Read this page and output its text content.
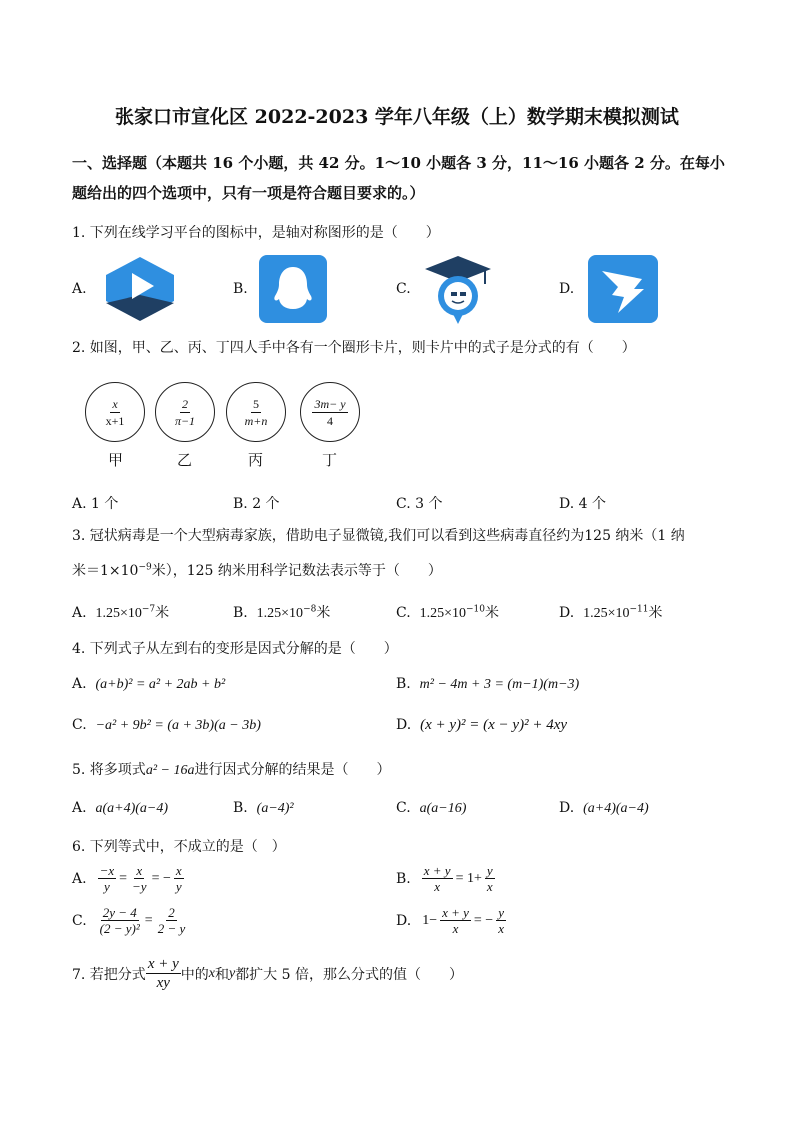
张家口市宣化区 2022-2023 学年八年级（上）数学期末模拟测试
一、选择题（本题共 16 个小题，共 42 分。1～10 小题各 3 分，11～16 小题各 2 分。在每小题给出的四个选项中，只有一项是符合题目要求的。）
1. 下列在线学习平台的图标中，是轴对称图形的是（　　）
A.	B.	C.	D.
2. 如图，甲、乙、丙、丁四人手中各有一个圈形卡片，则卡片中的式子是分式的有（　　）
$\frac{x}{x+1}$	$\frac{2}{\pi-1}$	$\frac{5}{m+n}$	$\frac{3m- y}{4}$
甲	乙	丙	丁
A. 1 个	B. 2 个	C. 3 个	D. 4 个
3. 冠状病毒是一个大型病毒家族，借助电子显微镜,我们可以看到这些病毒直径约为125 纳米（1 纳
米$=1\times 10^{-9}$米），125 纳米用科学记数法表示等于（　　）
A. $1.25\times 10^{-7}$米	B. $1.25\times 10^{-8}$米	C. $1.25\times 10^{-10}$米	D. $1.25\times 10^{-11}$米
4. 下列式子从左到右的变形是因式分解的是（　　）
A. (a+b)² = a² + 2ab + b²	B. m² − 4m + 3 = (m−1)(m−3)
C. −a² + 9b² = (a + 3b)(a − 3b)	D. (x + y)² = (x − y)² + 4xy
5. 将多项式a² − 16a进行因式分解的结果是（　　）
A. a(a+4)(a−4)	B. (a−4)²	C. a(a−16)	D. (a+4)(a−4)
6. 下列等式中，不成立的是（　）
A. $\frac{-x}{y} = \frac{x}{-y}$ = − $\frac{x}{y}$	B. $\frac{x + y}{x} = 1+ \frac{y}{x}$
C. $\frac{2y - 4}{\text{(2 − y)²}} = \frac{2}{2 - y}$	D. $1- \frac{x + y}{x}$ = − $\frac{y}{x}$
7. 若把分式 $\frac{x + y}{xy}$ 中的 x 和 y 都扩大 5 倍，那么分式的值（　　）
